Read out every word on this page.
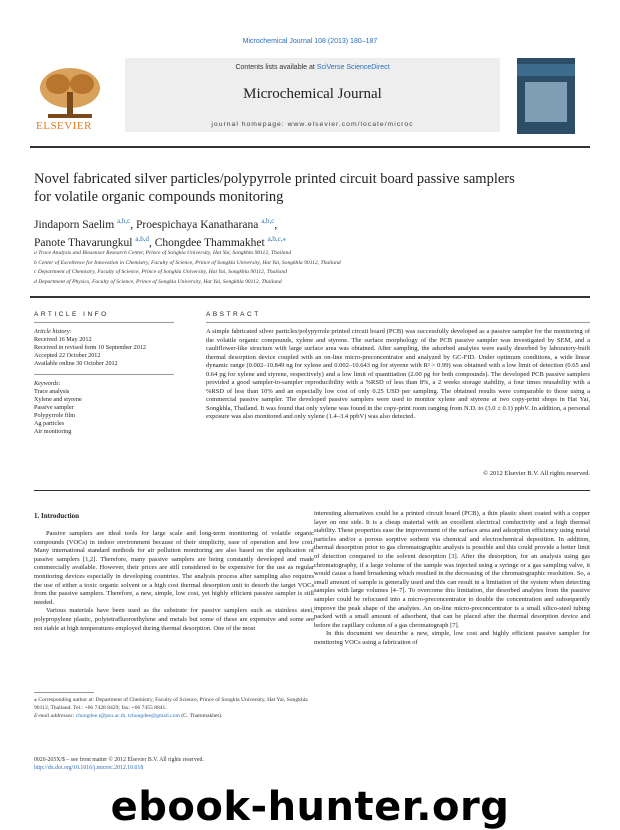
Microchemical Journal 108 (2013) 180–187
ELSEVIER
Contents lists available at SciVerse ScienceDirect
Microchemical Journal
journal homepage: www.elsevier.com/locate/microc
Novel fabricated silver particles/polypyrrole printed circuit board passive samplers
for volatile organic compounds monitoring
Jindaporn Saelim $^{a,b,c}$, Proespichaya Kanatharana $^{a,b,c}$,
Panote Thavarungkul $^{a,b,d}$, Chongdee Thammakhet $^{a,b,c,⁎}$
a Trace Analysis and Biosensor Research Center, Prince of Songkla University, Hat Yai, Songkhla 90112, Thailand
b Center of Excellence for Innovation in Chemistry, Faculty of Science, Prince of Songkla University, Hat Yai, Songkhla 90112, Thailand
c Department of Chemistry, Faculty of Science, Prince of Songkla University, Hat Yai, Songkhla 90112, Thailand
d Department of Physics, Faculty of Science, Prince of Songkla University, Hat Yai, Songkhla 90112, Thailand
ARTICLE INFO	ABSTRACT

Article history:

Received 16 May 2012

Received in revised form 10 September 2012

Accepted 22 October 2012

Available online 30 October 2012

Keywords:

Trace analysis

Xylene and styrene

Passive sampler

Polypyrrole film

Ag particles

Air monitoring

A simple fabricated silver particles/polypyrrole printed circuit board (PCB) was successfully developed as a passive sampler for the monitoring of the volatile organic compounds, xylene and styrene. The surface morphology of the PCB passive sampler was investigated by SEM, and a cauliflower-like structure with large surface area was obtained. After sampling, the adsorbed analytes were easily desorbed by laboratory-built thermal desorption device coupled with an on-line micro-preconcentrator and analyzed by GC-FID. Under optimum conditions, a wide linear dynamic range (0.002–10.849 ng for xylene and 0.002–10.643 ng for styrene with R² > 0.99) was obtained with a low limit of detection (0.65 and 0.64 pg for xylene and styrene, respectively) and a low limit of quantitation (2.00 pg for both compounds). The developed PCB passive samplers provided a good sampler-to-sampler reproducibility with a %RSD of less than 8%, a 2 weeks storage stability, a four times reusability with a %RSD of less than 10% and an especially low cost of only 0.25 USD per sampling. The obtained results were comparable to those using a commercial passive sampler. The developed passive samplers were used to monitor xylene and styrene at two copy-print shops in Hat Yai, Songkhla, Thailand. It was found that only xylene was found in the copy-print room ranging from N.D. to (3.0 ± 0.1) ppbV. In addition, a personal exposure was also monitored and only xylene (1.4–3.4 ppbV) was also detected.
© 2012 Elsevier B.V. All rights reserved.
1. Introduction

Passive samplers are ideal tools for large scale and long-term monitoring of volatile organic compounds (VOCs) in indoor environment because of their simplicity, ease of operation and low cost. Many international standard methods for air pollution monitoring are also based on the application of passive samplers [1,2]. Therefore, many passive samplers are being constantly developed and made commercially available. However, their prices are still considered to be expensive for the use as regular monitoring devices especially in developing countries. The analysis process after sampling also requires the use of either a toxic organic solvent or a high cost thermal desorption unit to desorb the target VOCs from the passive samplers. Therefore, a new, simple, low cost, yet highly efficient passive sampler is still needed.

Various materials have been used as the substrate for passive samplers such as stainless steel, polypropylene plastic, polytetrafluoroethylene and metals but some of these are expensive and some are not stable at high temperatures employed during thermal desorption. One of the most

interesting alternatives could be a printed circuit board (PCB), a thin plastic sheet coated with a copper layer on one side. It is a cheap material with an excellent electrical conductivity and a high thermal stability. These properties ease the improvement of the surface area and adsorption efficiency using metal particles and/or a porous sorptive sorbent via chemical and electrochemical deposition. In addition, thermal desorption prior to gas chromatographic analysis is possible and this could provide a better limit of detection compared to the solvent desorption [3]. After the desorption, for an analysis using gas chromatography, if a large volume of the sample was injected using a syringe or a gas sampling valve, it would cause a band broadening which resulted in the decreasing of the chromatographic resolution. So, a small amount of sample is generally used and this can result in a limitation of the system when detecting samples with large volumes [4–7]. To overcome this limitation, the desorbed analytes from the passive sampler could be refocused into a micro-preconcentrator to double the concentration and subsequently improve the peak shape of the analytes. An on-line micro-preconcentrator is a small silico-steel tubing packed with a small amount of adsorbent, that can be placed after the thermal desorption device and before the capillary column of a gas chromatograph [7].

In this document we describe a new, simple, low cost and highly efficient passive sampler for monitoring VOCs using a fabrication of

⁎ Corresponding author at: Department of Chemistry, Faculty of Science, Prince of Songkla University, Hat Yai, Songkhla 90112, Thailand. Tel.: +66 7428 8429; fax: +66 7455 8841.
E-mail addresses: chongdee.t@psu.ac.th, tchongdee@gmail.com (C. Thammakhet).
0026-265X/$ – see front matter © 2012 Elsevier B.V. All rights reserved.
http://dx.doi.org/10.1016/j.microc.2012.10.018
ebook-hunter.org
